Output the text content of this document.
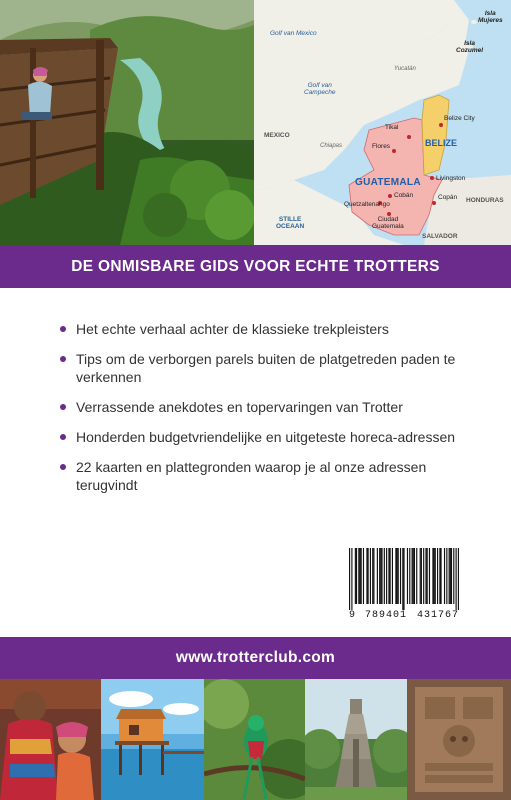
Golf van Mexico
Golf van
Campeche
STILLE
OCEAAN
Isla
Mujeres
Isla
Cozumel
Yucatán
Chiapas
MEXICO
BELIZE
GUATEMALA
HONDURAS
SALVADOR
Tikal
Flores
Belize City
Livingston
Cobán
Quetzaltenango
Copán
Ciudad
Guatemala
DE ONMISBARE GIDS VOOR ECHTE TROTTERS
Het echte verhaal achter de klassieke trekpleisters
Tips om de verborgen parels buiten de platgetreden paden te verkennen
Verrassende anekdotes en topervaringen van Trotter
Honderden budgetvriendelijke en uitgeteste horeca-adressen
22 kaarten en plattegronden waarop je al onze adressen terugvindt
9 789401 431767
www.trotterclub.com
